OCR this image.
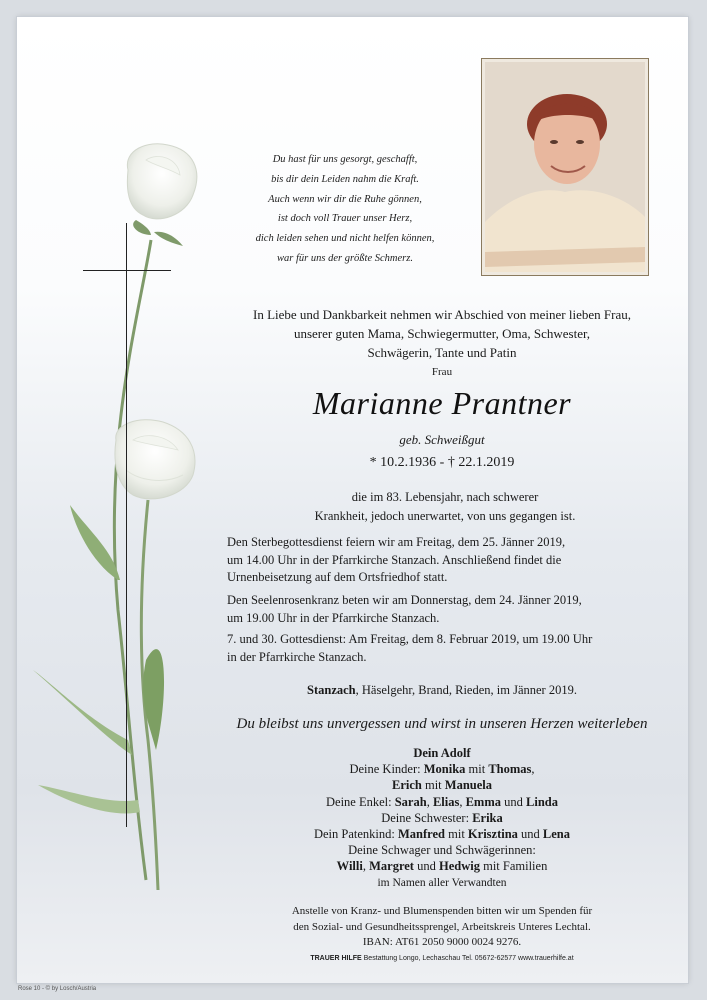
Du hast für uns gesorgt, geschafft,
bis dir dein Leiden nahm die Kraft.
Auch wenn wir dir die Ruhe gönnen,
ist doch voll Trauer unser Herz,
dich leiden sehen und nicht helfen können,
war für uns der größte Schmerz.
In Liebe und Dankbarkeit nehmen wir Abschied von meiner lieben Frau,
unserer guten Mama, Schwiegermutter, Oma, Schwester,
Schwägerin, Tante und Patin
Frau
Marianne Prantner
geb. Schweißgut
* 10.2.1936 - † 22.1.2019
die im 83. Lebensjahr, nach schwerer
Krankheit, jedoch unerwartet, von uns gegangen ist.
Den Sterbegottesdienst feiern wir am Freitag, dem 25. Jänner 2019,
um 14.00 Uhr in der Pfarrkirche Stanzach. Anschließend findet die
Urnenbeisetzung auf dem Ortsfriedhof statt.
Den Seelenrosenkranz beten wir am Donnerstag, dem 24. Jänner 2019,
um 19.00 Uhr in der Pfarrkirche Stanzach.
7. und 30. Gottesdienst: Am Freitag, dem 8. Februar 2019, um 19.00 Uhr
in der Pfarrkirche Stanzach.
Stanzach, Häselgehr, Brand, Rieden, im Jänner 2019.
Du bleibst uns unvergessen und wirst in unseren Herzen weiterleben
Dein Adolf
Deine Kinder: Monika mit Thomas,
Erich mit Manuela
Deine Enkel: Sarah, Elias, Emma und Linda
Deine Schwester: Erika
Dein Patenkind: Manfred mit Krisztina und Lena
Deine Schwager und Schwägerinnen:
Willi, Margret und Hedwig mit Familien
im Namen aller Verwandten
Anstelle von Kranz- und Blumenspenden bitten wir um Spenden für
den Sozial- und Gesundheitssprengel, Arbeitskreis Unteres Lechtal.
IBAN: AT61 2050 9000 0024 9276.
TRAUER HILFE Bestattung Longo, Lechaschau Tel. 05672-62577 www.trauerhilfe.at
Rose 10 - © by Losch/Austria
